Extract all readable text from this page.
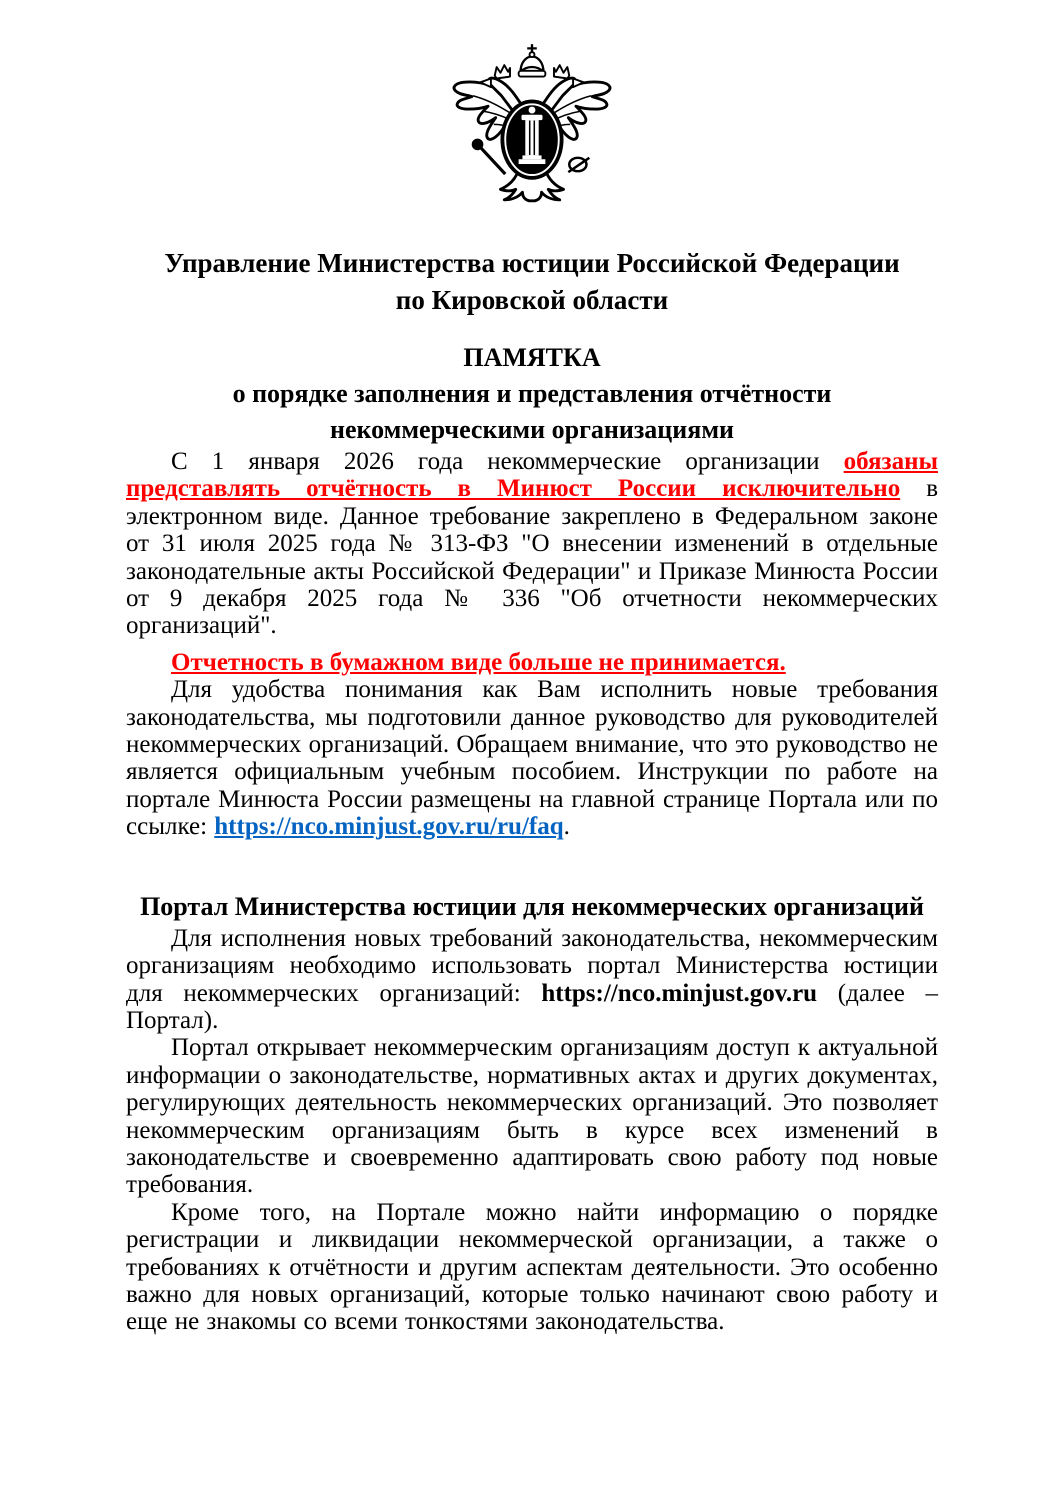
Управление Министерства юстиции Российской Федерации
по Кировской области
ПАМЯТКА
о порядке заполнения и представления отчётности
некоммерческими организациями

С 1 января 2026 года некоммерческие организации обязаны представлять отчётность в Минюст России исключительно в электронном виде. Данное требование закреплено в Федеральном законе от 31 июля 2025 года № 313-ФЗ "О внесении изменений в отдельные законодательные акты Российской Федерации" и Приказе Минюста России от 9 декабря 2025 года № 336 "Об отчетности некоммерческих организаций".

Отчетность в бумажном виде больше не принимается.

Для удобства понимания как Вам исполнить новые требования законодательства, мы подготовили данное руководство для руководителей некоммерческих организаций. Обращаем внимание, что это руководство не является официальным учебным пособием. Инструкции по работе на портале Минюста России размещены на главной странице Портала или по ссылке: https://nco.minjust.gov.ru/ru/faq.

Портал Министерства юстиции для некоммерческих организаций

Для исполнения новых требований законодательства, некоммерческим организациям необходимо использовать портал Министерства юстиции для некоммерческих организаций: https://nco.minjust.gov.ru (далее – Портал).

Портал открывает некоммерческим организациям доступ к актуальной информации о законодательстве, нормативных актах и других документах, регулирующих деятельность некоммерческих организаций. Это позволяет некоммерческим организациям быть в курсе всех изменений в законодательстве и своевременно адаптировать свою работу под новые требования.

Кроме того, на Портале можно найти информацию о порядке регистрации и ликвидации некоммерческой организации, а также о требованиях к отчётности и другим аспектам деятельности. Это особенно важно для новых организаций, которые только начинают свою работу и еще не знакомы со всеми тонкостями законодательства.
